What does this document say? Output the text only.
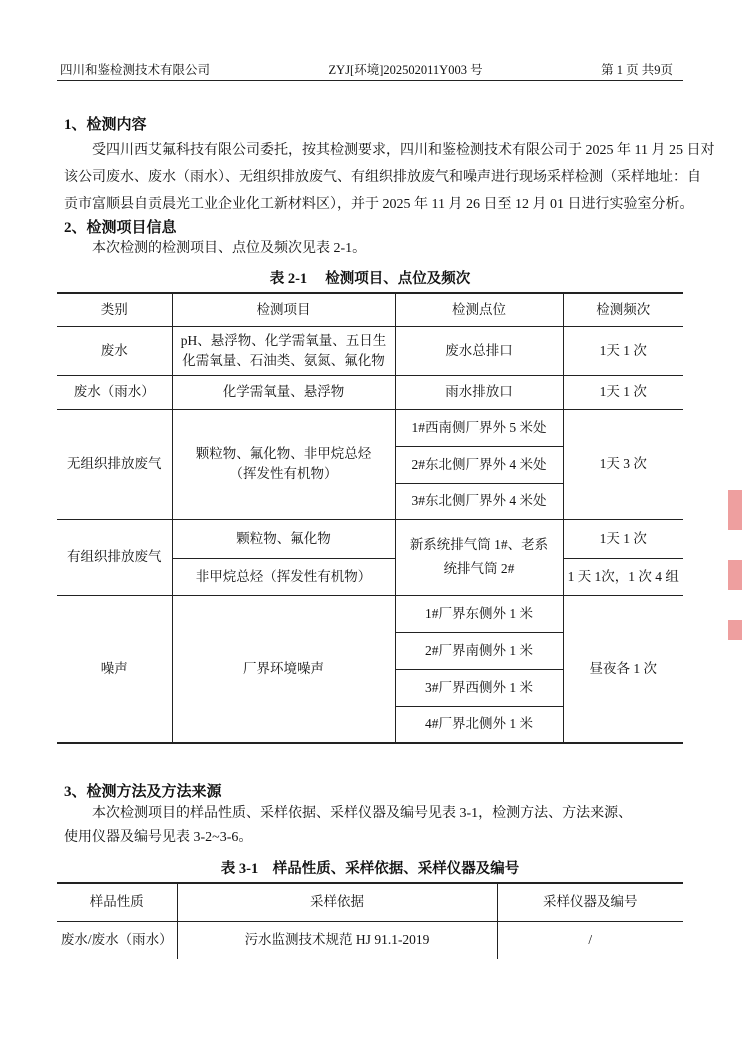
四川和鉴检测技术有限公司	ZYJ[环境]202502011Y003 号	第 1 页 共9页
1、检测内容
受四川西艾氟科技有限公司委托，按其检测要求，四川和鉴检测技术有限公司于 2025 年 11 月 25 日对
该公司废水、废水（雨水）、无组织排放废气、有组织排放废气和噪声进行现场采样检测（采样地址：自
贡市富顺县自贡晨光工业企业化工新材料区），并于 2025 年 11 月 26 日至 12 月 01 日进行实验室分析。
2、检测项目信息
本次检测的检测项目、点位及频次见表 2-1。
表 2-1　 检测项目、点位及频次
类别	检测项目	检测点位	检测频次
废水	pH、悬浮物、化学需氧量、五日生化需氧量、石油类、氨氮、氟化物	废水总排口	1天 1 次
废水（雨水）	化学需氧量、悬浮物	雨水排放口	1天 1 次
无组织排放废气	颗粒物、氟化物、非甲烷总烃（挥发性有机物）	1#西南侧厂界外 5 米处	1天 3 次
		2#东北侧厂界外 4 米处	
		3#东北侧厂界外 4 米处	
有组织排放废气	颗粒物、氟化物	新系统排气筒 1#、老系统排气筒 2#	1天 1 次
	非甲烷总烃（挥发性有机物）		1 天 1次，1 次 4 组
噪声	厂界环境噪声	1#厂界东侧外 1 米	昼夜各 1 次
		2#厂界南侧外 1 米	
		3#厂界西侧外 1 米	
		4#厂界北侧外 1 米	
3、检测方法及方法来源
本次检测项目的样品性质、采样依据、采样仪器及编号见表 3-1，检测方法、方法来源、
使用仪器及编号见表 3-2~3-6。
表 3-1　样品性质、采样依据、采样仪器及编号
样品性质	采样依据	采样仪器及编号
废水/废水（雨水）	污水监测技术规范 HJ 91.1-2019	/
